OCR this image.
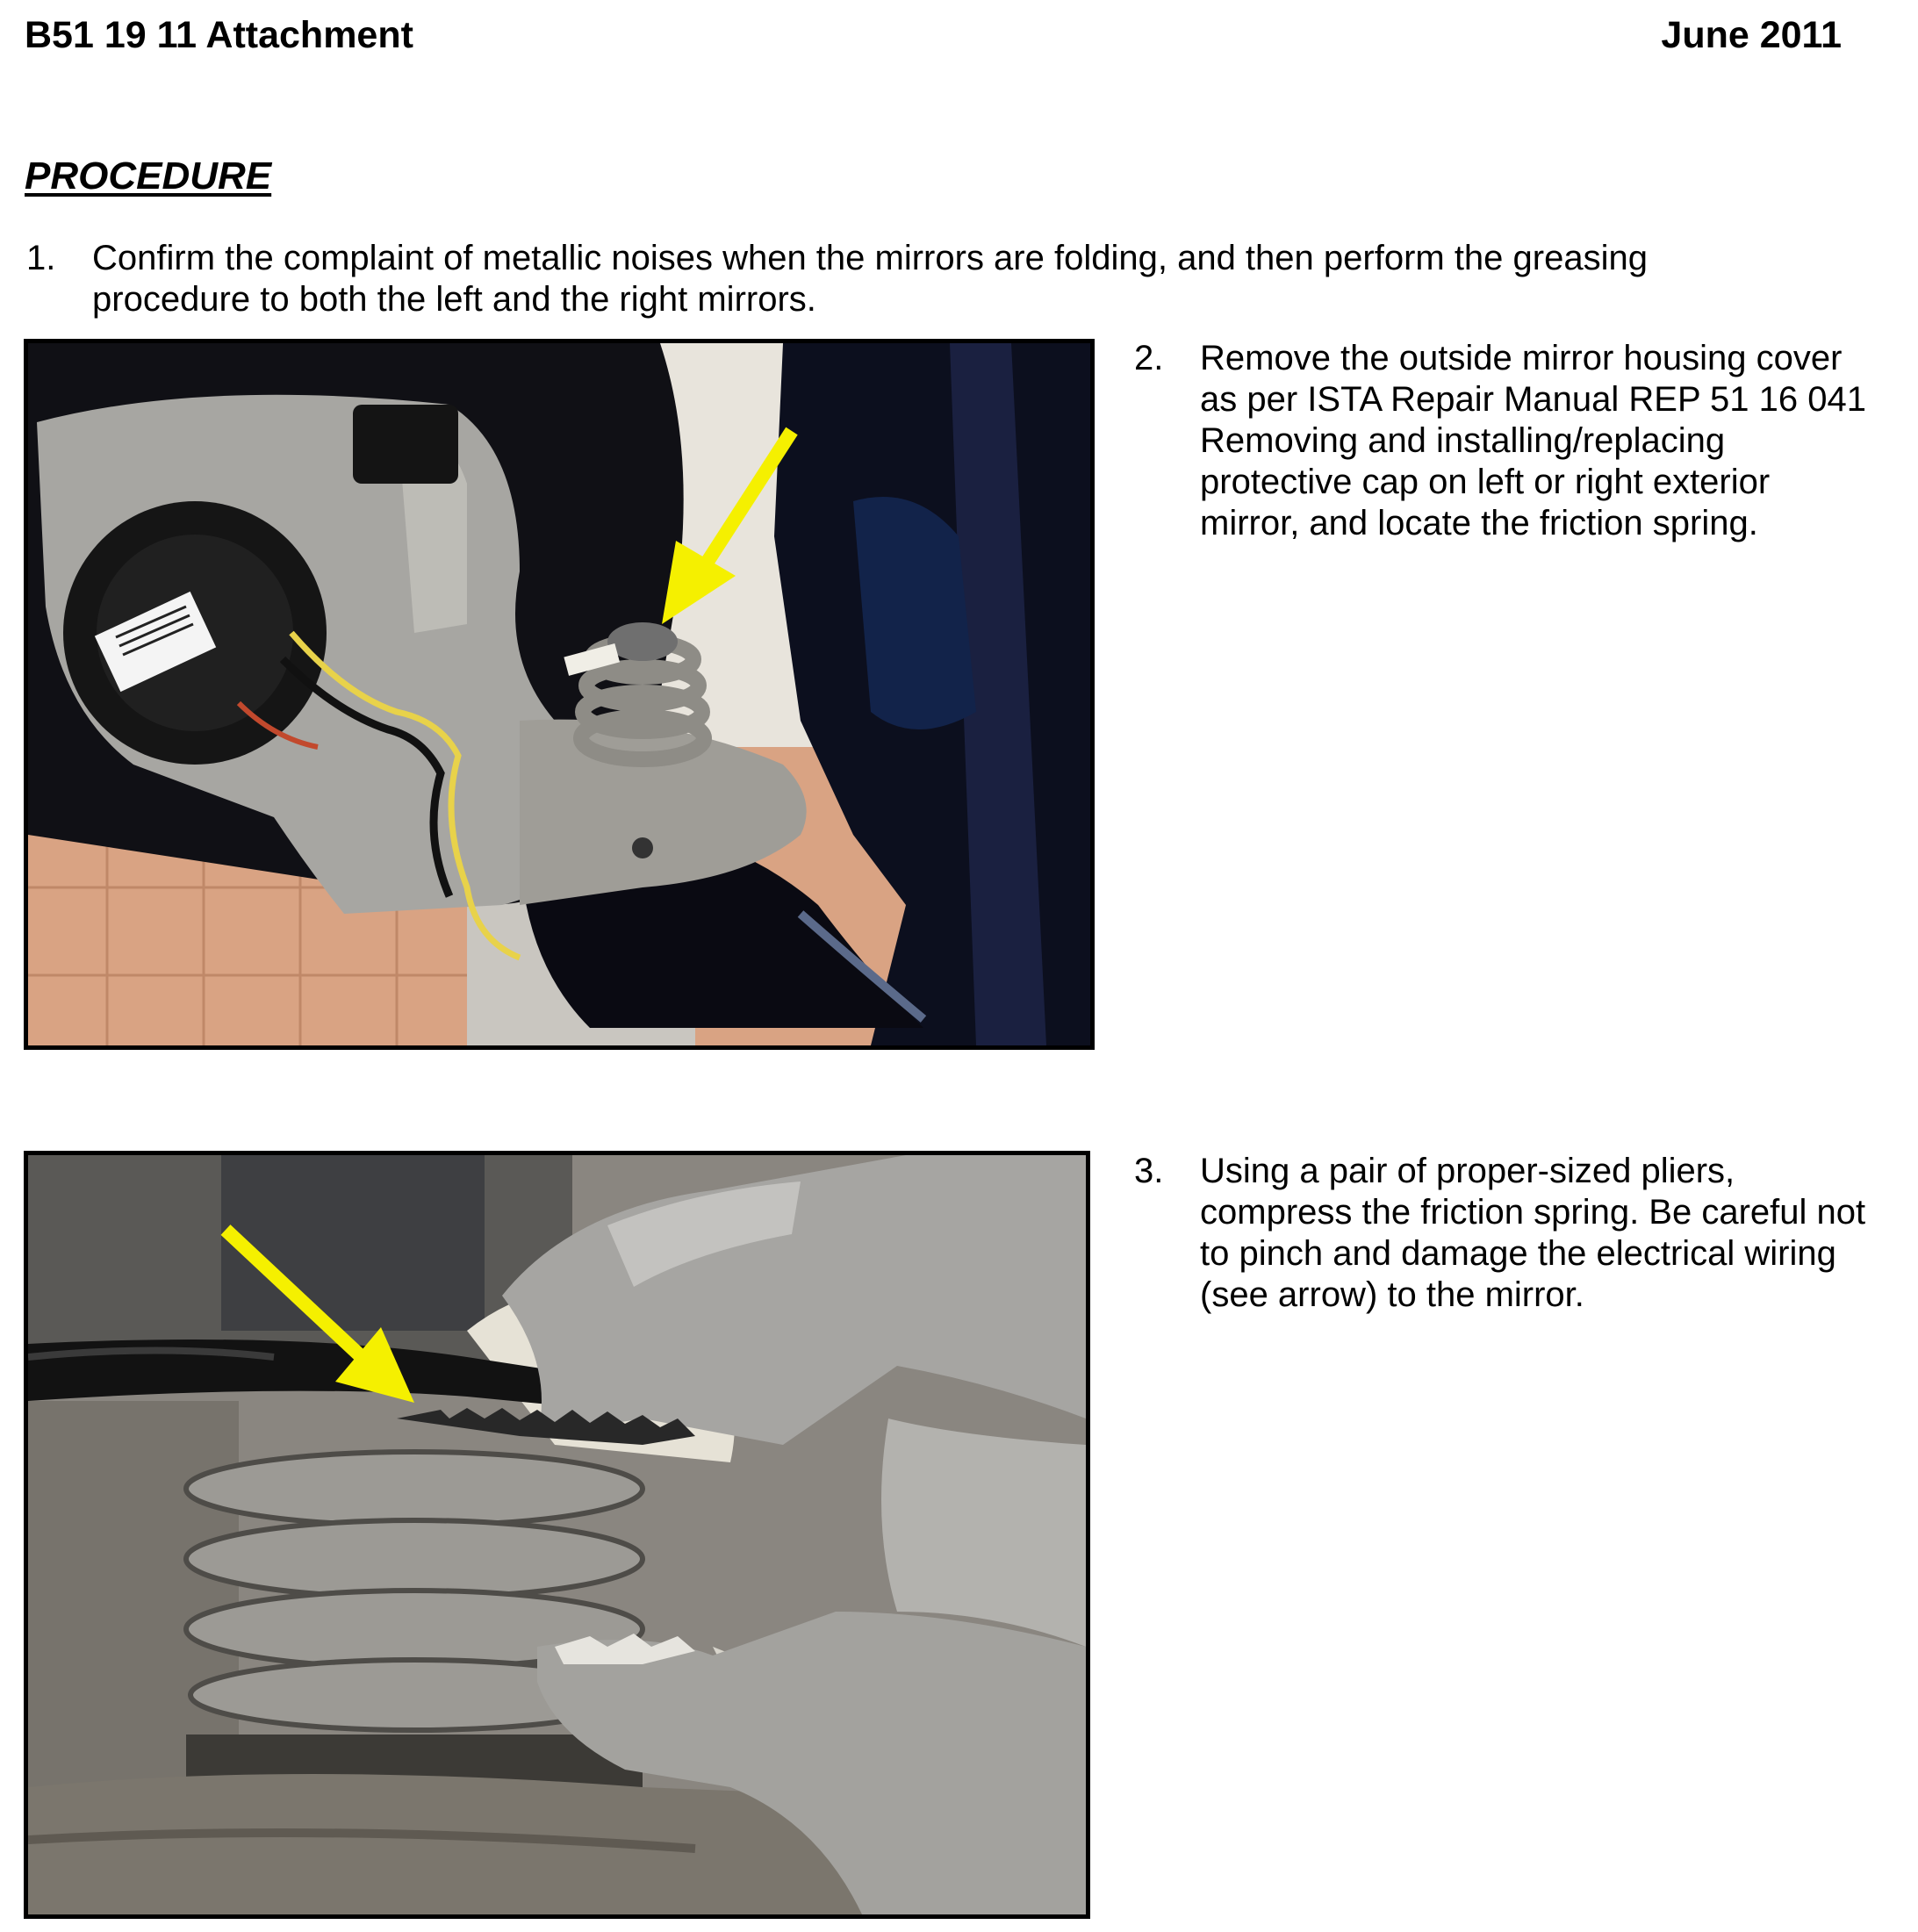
B51 19 11 Attachment	June 2011
PROCEDURE
1. Confirm the complaint of metallic noises when the mirrors are folding, and then perform the greasing procedure to both the left and the right mirrors.
2. Remove the outside mirror housing cover as per ISTA Repair Manual REP 51 16 041 Removing and installing/replacing protective cap on left or right exterior mirror, and locate the friction spring.
3. Using a pair of proper-sized pliers, compress the friction spring. Be careful not to pinch and damage the electrical wiring (see arrow) to the mirror.
